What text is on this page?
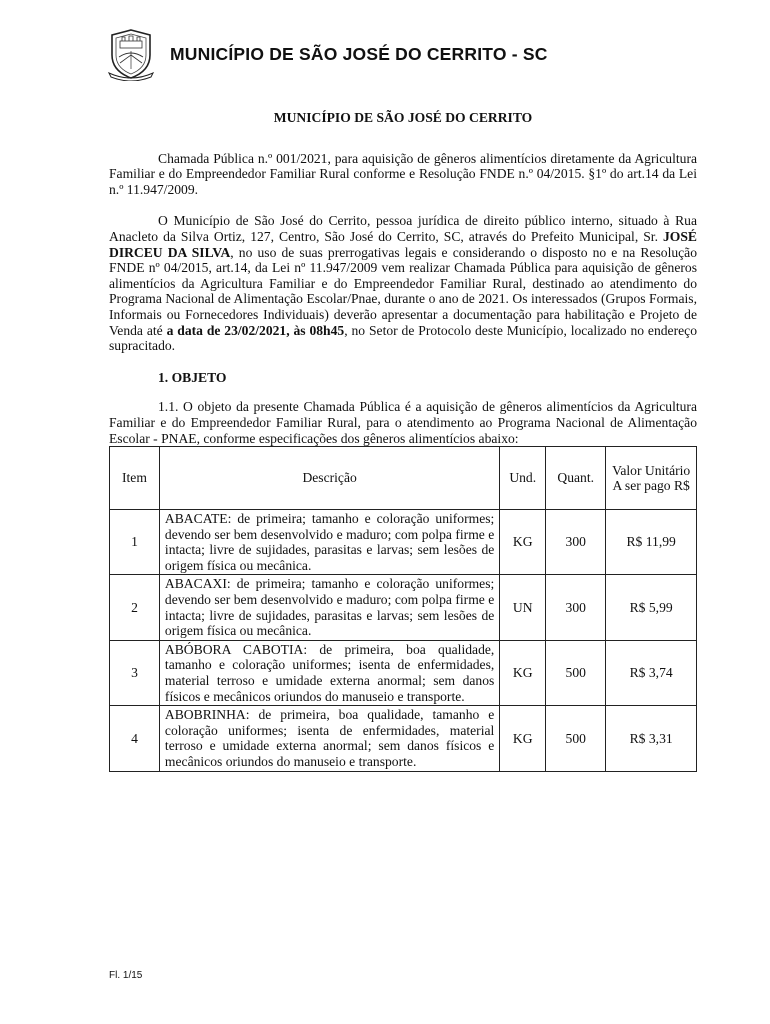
MUNICÍPIO DE SÃO JOSÉ DO CERRITO - SC
MUNICÍPIO DE SÃO JOSÉ DO CERRITO

Chamada Pública n.º 001/2021, para aquisição de gêneros alimentícios diretamente da Agricultura Familiar e do Empreendedor Familiar Rural conforme e Resolução FNDE n.º 04/2015. §1º do art.14 da Lei n.º 11.947/2009.

O Município de São José do Cerrito, pessoa jurídica de direito público interno, situado à Rua Anacleto da Silva Ortiz, 127, Centro, São José do Cerrito, SC, através do Prefeito Municipal, Sr. JOSÉ DIRCEU DA SILVA, no uso de suas prerrogativas legais e considerando o disposto no e na Resolução FNDE nº 04/2015, art.14, da Lei nº 11.947/2009 vem realizar Chamada Pública para aquisição de gêneros alimentícios da Agricultura Familiar e do Empreendedor Familiar Rural, destinado ao atendimento do Programa Nacional de Alimentação Escolar/Pnae, durante o ano de 2021. Os interessados (Grupos Formais, Informais ou Fornecedores Individuais) deverão apresentar a documentação para habilitação e Projeto de Venda até a data de 23/02/2021, às 08h45, no Setor de Protocolo deste Município, localizado no endereço supracitado.

1. OBJETO

1.1. O objeto da presente Chamada Pública é a aquisição de gêneros alimentícios da Agricultura Familiar e do Empreendedor Familiar Rural, para o atendimento ao Programa Nacional de Alimentação Escolar - PNAE, conforme especificações dos gêneros alimentícios abaixo:

Item	Descrição	Und.	Quant.	Valor Unitário A ser pago R$
1	ABACATE: de primeira; tamanho e coloração uniformes; devendo ser bem desenvolvido e maduro; com polpa firme e intacta; livre de sujidades, parasitas e larvas; sem lesões de origem física ou mecânica.	KG	300	R$ 11,99
2	ABACAXI: de primeira; tamanho e coloração uniformes; devendo ser bem desenvolvido e maduro; com polpa firme e intacta; livre de sujidades, parasitas e larvas; sem lesões de origem física ou mecânica.	UN	300	R$ 5,99
3	ABÓBORA CABOTIA: de primeira, boa qualidade, tamanho e coloração uniformes; isenta de enfermidades, material terroso e umidade externa anormal; sem danos físicos e mecânicos oriundos do manuseio e transporte.	KG	500	R$ 3,74
4	ABOBRINHA: de primeira, boa qualidade, tamanho e coloração uniformes; isenta de enfermidades, material terroso e umidade externa anormal; sem danos físicos e mecânicos oriundos do manuseio e transporte.	KG	500	R$ 3,31
Fl. 1/15
